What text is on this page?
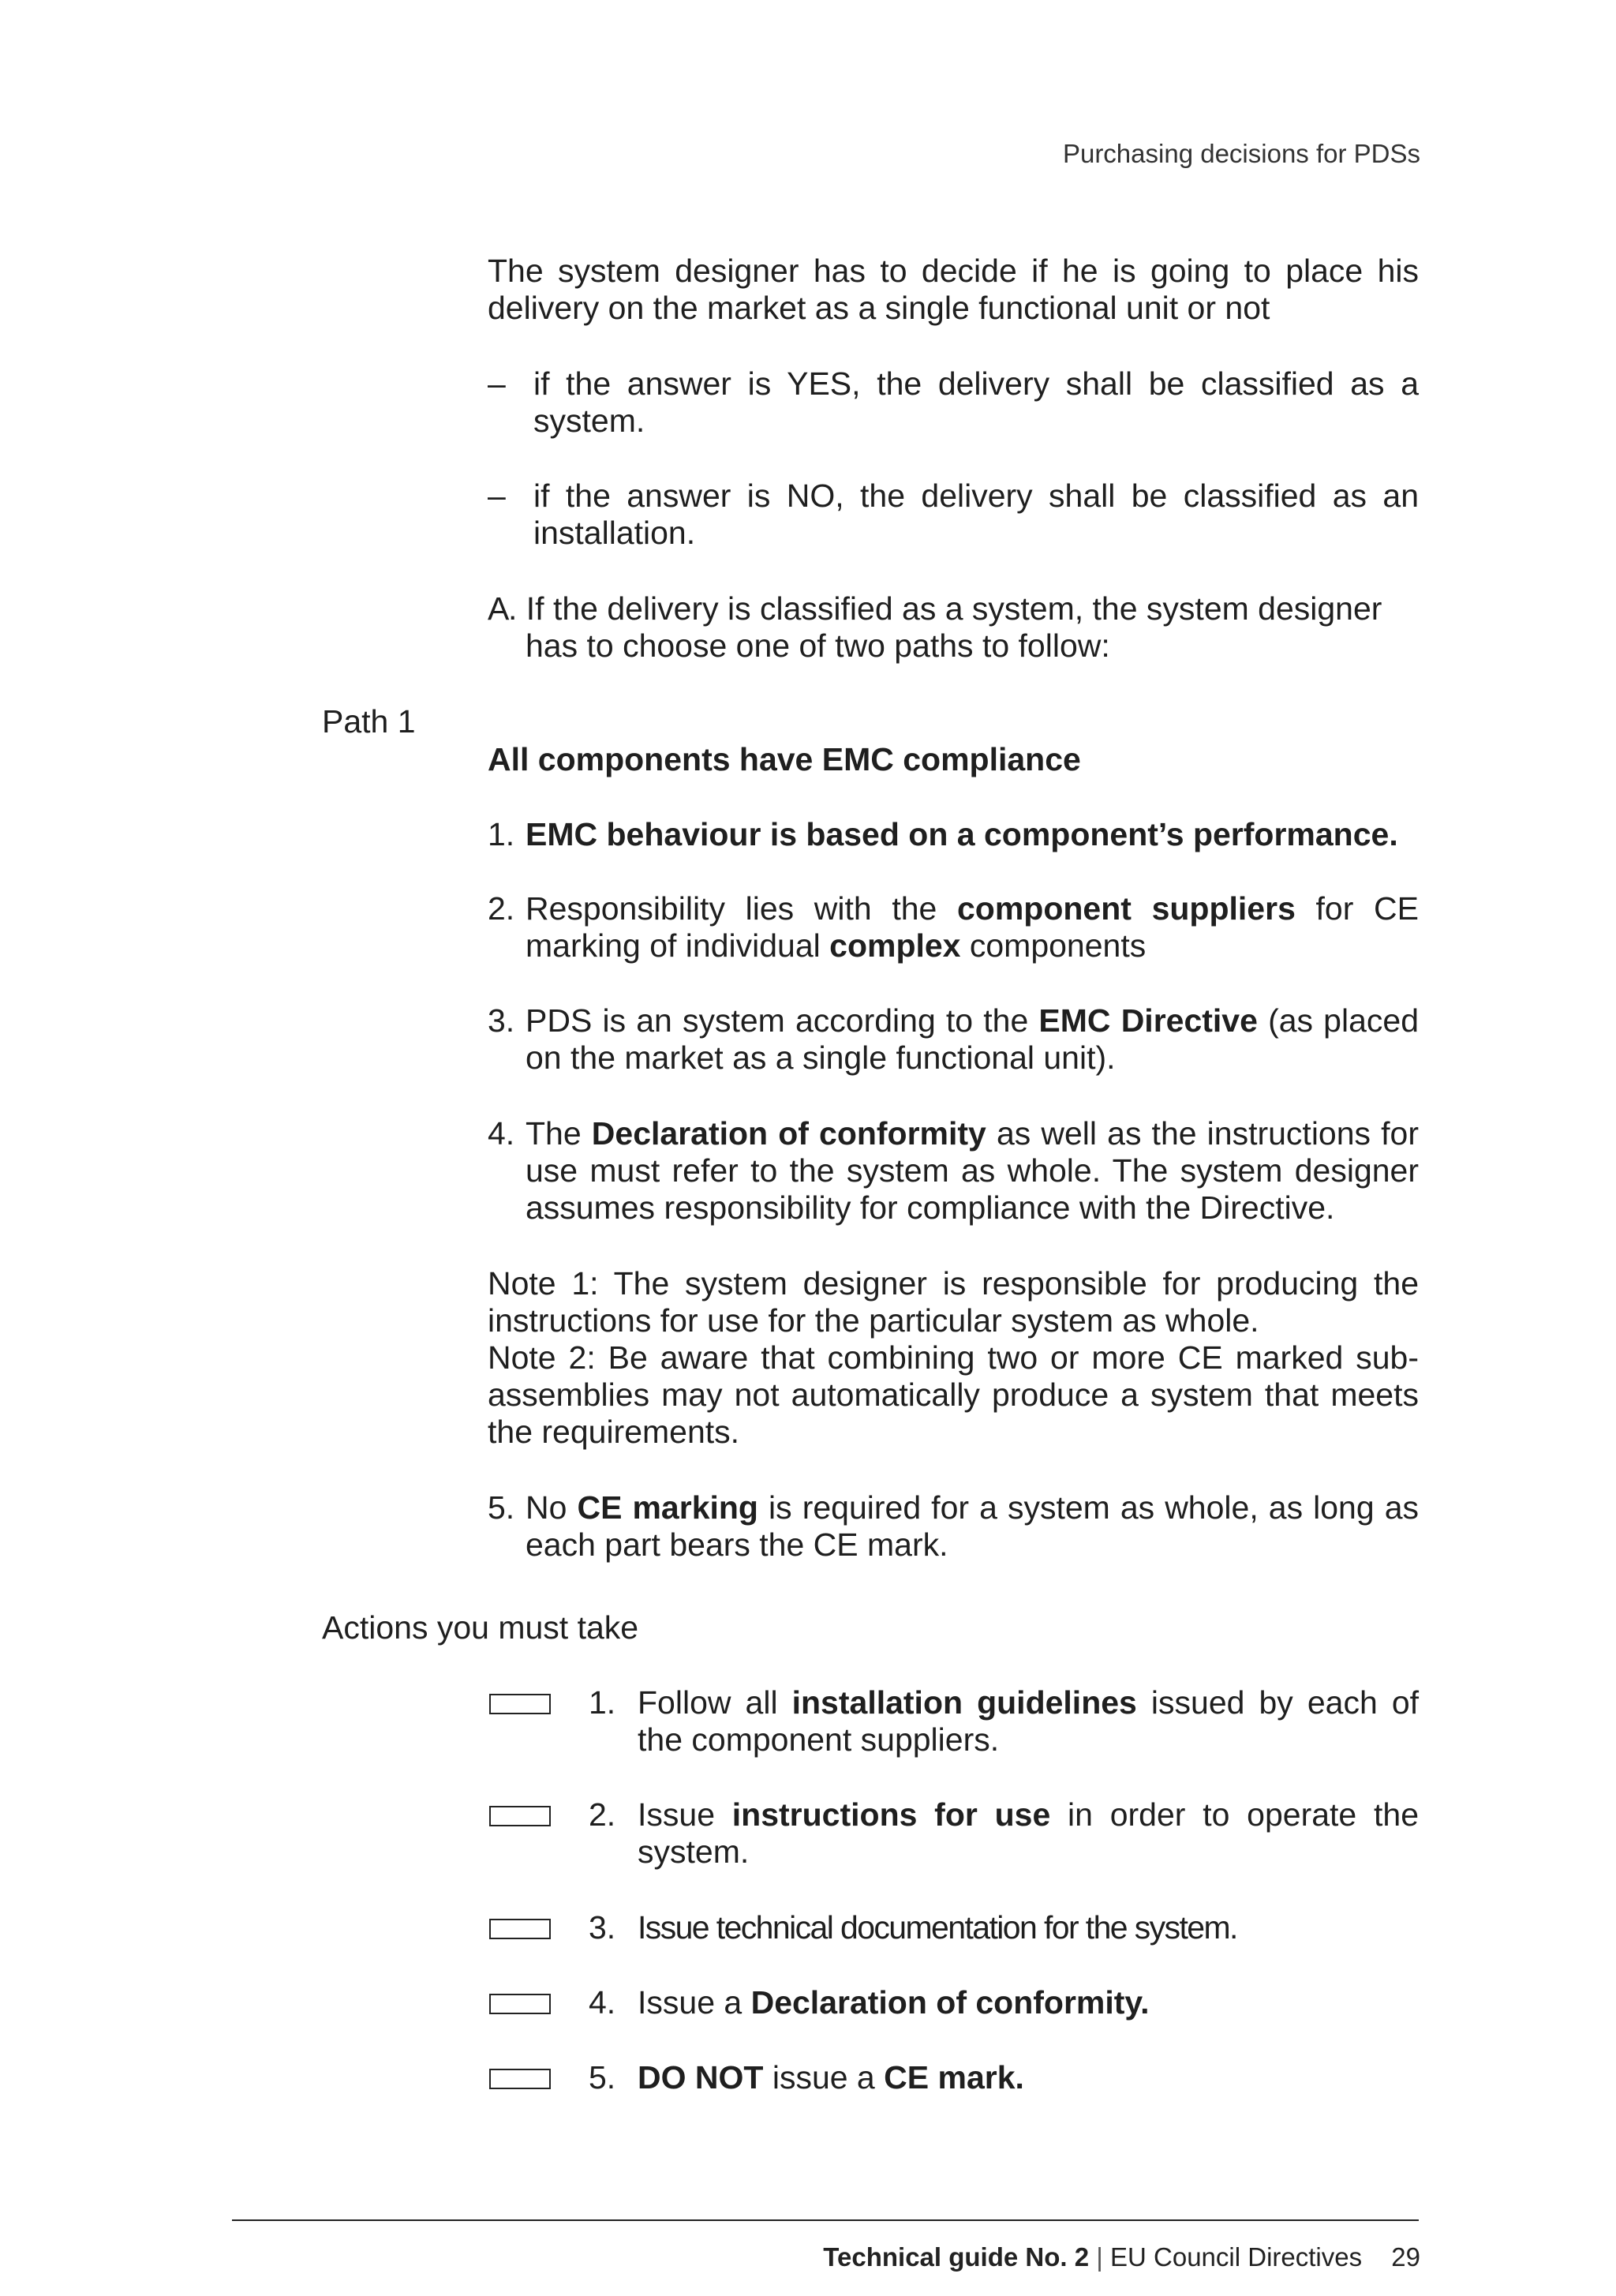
Purchasing decisions for PDSs
The system designer has to decide if he is going to place his delivery on the market as a single functional unit or not
– if the answer is YES, the delivery shall be classified as a system.
– if the answer is NO, the delivery shall be classified as an installation.
A
. If the delivery is classified as a system, the system designer has to choose one of two paths to follow:
Path 1
All components have EMC compliance
1. EMC behaviour is based on a component’s performance.
2. Responsibility lies with the component suppliers for CE marking of individual complex components
3. PDS is an system according to the EMC Directive (as placed on the market as a single functional unit).
4. The Declaration of conformity as well as the instructions for use must refer to the system as whole. The system designer assumes responsibility for compliance with the Directive.
Note 1: The system designer is responsible for producing the instructions for use for the particular system as whole.
Note 2: Be aware that combining two or more CE marked sub-assemblies may not automatically produce a system that meets the requirements.
5. No CE marking is required for a system as whole, as long as each part bears the CE mark.
Actions you must take
1. Follow all installation guidelines issued by each of the component suppliers.
2. Issue instructions for use in order to operate the system.
3. Issue technical documentation for the system.
4. Issue a Declaration of conformity.
5. DO NOT issue a CE mark.
Technical guide No. 2 | EU Council Directives 29
